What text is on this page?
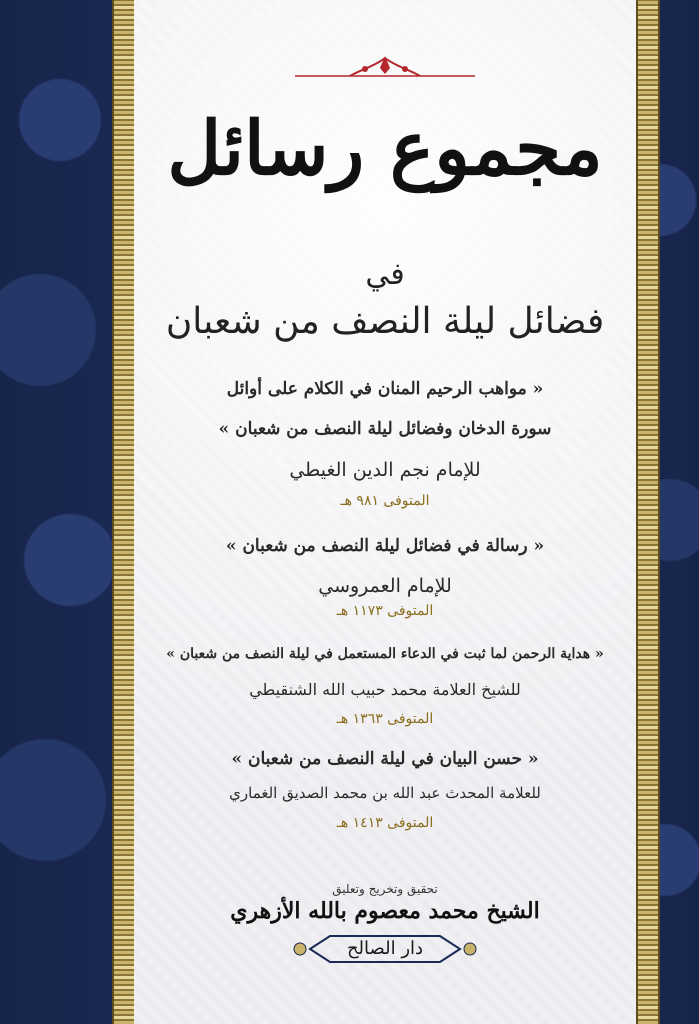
مجموع رسائل
في
فضائل ليلة النصف من شعبان
« مواهب الرحيم المنان في الكلام على أوائل
سورة الدخان وفضائل ليلة النصف من شعبان »
للإمام نجم الدين الغيطي
المتوفى ٩٨١ هـ
« رسالة في فضائل ليلة النصف من شعبان »
للإمام العمروسي
المتوفى ١١٧٣ هـ
« هداية الرحمن لما ثبت في الدعاء المستعمل في ليلة النصف من شعبان »
للشيخ العلامة محمد حبيب الله الشنقيطي
المتوفى ١٣٦٣ هـ
« حسن البيان في ليلة النصف من شعبان »
للعلامة المحدث عبد الله بن محمد الصديق الغماري
المتوفى ١٤١٣ هـ
تحقيق وتخريج وتعليق
الشيخ محمد معصوم بالله الأزهري
دار الصالح
